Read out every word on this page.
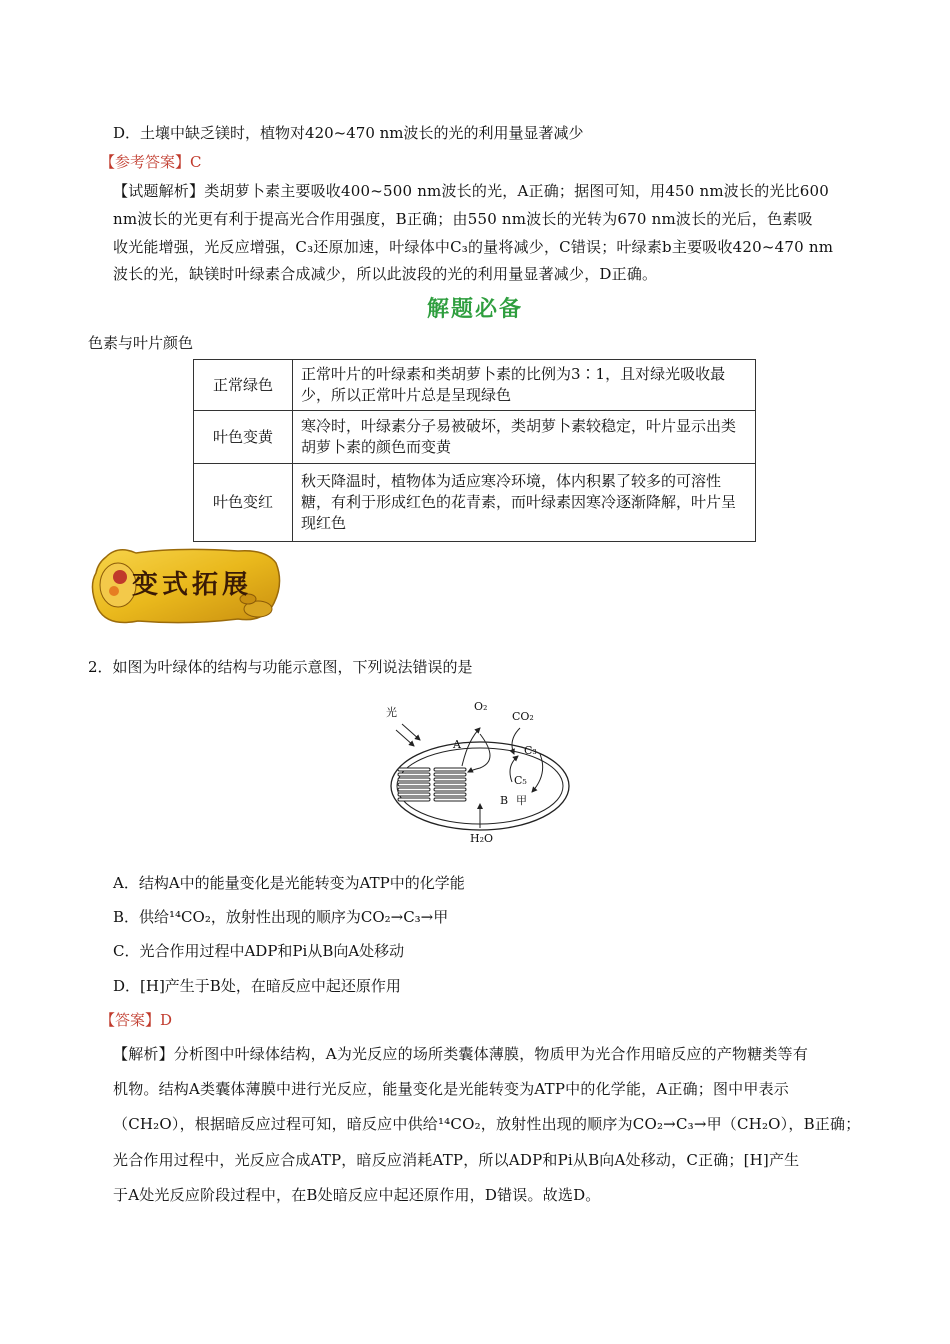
D．土壤中缺乏镁时，植物对420~470 nm波长的光的利用量显著减少
【参考答案】C
【试题解析】类胡萝卜素主要吸收400~500 nm波长的光，A正确；据图可知，用450 nm波长的光比600
nm波长的光更有利于提高光合作用强度，B正确；由550 nm波长的光转为670 nm波长的光后，色素吸
收光能增强，光反应增强，C₃还原加速，叶绿体中C₃的量将减少，C错误；叶绿素b主要吸收420~470 nm
波长的光，缺镁时叶绿素合成减少，所以此波段的光的利用量显著减少，D正确。
解题必备
色素与叶片颜色
正常绿色	正常叶片的叶绿素和类胡萝卜素的比例为3∶1，且对绿光吸收最少，所以正常叶片总是呈现绿色
叶色变黄	寒冷时，叶绿素分子易被破坏，类胡萝卜素较稳定，叶片显示出类胡萝卜素的颜色而变黄
叶色变红	秋天降温时，植物体为适应寒冷环境，体内积累了较多的可溶性糖，有利于形成红色的花青素，而叶绿素因寒冷逐渐降解，叶片呈现红色
变式拓展
2．如图为叶绿体的结构与功能示意图，下列说法错误的是
光	O₂
CO₂
A	C₃
C₅
B 甲
H₂O
A．结构A中的能量变化是光能转变为ATP中的化学能
B．供给¹⁴CO₂，放射性出现的顺序为CO₂→C₃→甲
C．光合作用过程中ADP和Pi从B向A处移动
D．[H]产生于B处，在暗反应中起还原作用
【答案】D
【解析】分析图中叶绿体结构，A为光反应的场所类囊体薄膜，物质甲为光合作用暗反应的产物糖类等有
机物。结构A类囊体薄膜中进行光反应，能量变化是光能转变为ATP中的化学能，A正确；图中甲表示
（CH₂O），根据暗反应过程可知，暗反应中供给¹⁴CO₂，放射性出现的顺序为CO₂→C₃→甲（CH₂O），B正确；
光合作用过程中，光反应合成ATP，暗反应消耗ATP，所以ADP和Pi从B向A处移动，C正确；[H]产生
于A处光反应阶段过程中，在B处暗反应中起还原作用，D错误。故选D。
